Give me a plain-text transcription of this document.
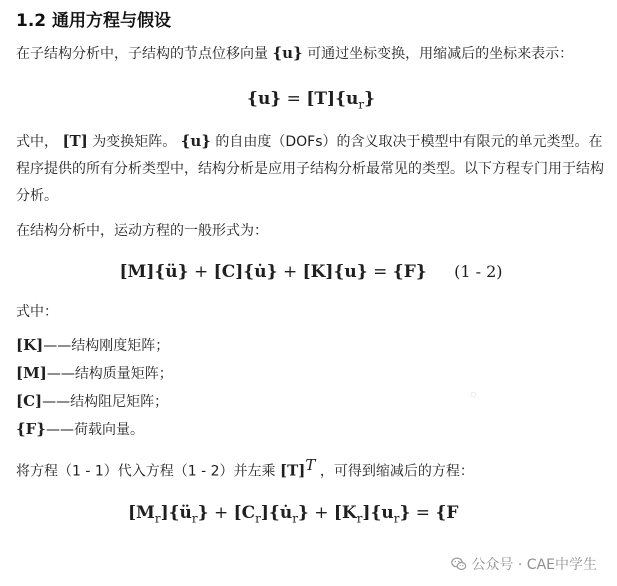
1.2 通用方程与假设

在子结构分析中，子结构的节点位移向量 {u} 可通过坐标变换，用缩减后的坐标来表示：

$\{u\} = [T]\{u_r\}$

式中， [T] 为变换矩阵。 {u} 的自由度（DOFs）的含义取决于模型中有限元的单元类型。在程序提供的所有分析类型中，结构分析是应用子结构分析最常见的类型。以下方程专门用于结构分析。

在结构分析中，运动方程的一般形式为：

[M]{ü} + [C]{u̇} + [K]{u} = {F} (1 - 2)

式中：

[K]——结构刚度矩阵；
[M]——结构质量矩阵；
[C]——结构阻尼矩阵；
{F}——荷载向量。

将方程（1 - 1）代入方程（1 - 2）并左乘 $[T]^T$ ，可得到缩减后的方程：

$[M_r]\{ü_r\}$ + $[C_r]\{u̇_r\} + [K_r]\{u_r\} = \{F$
◇
公众号 · CAE中学生
